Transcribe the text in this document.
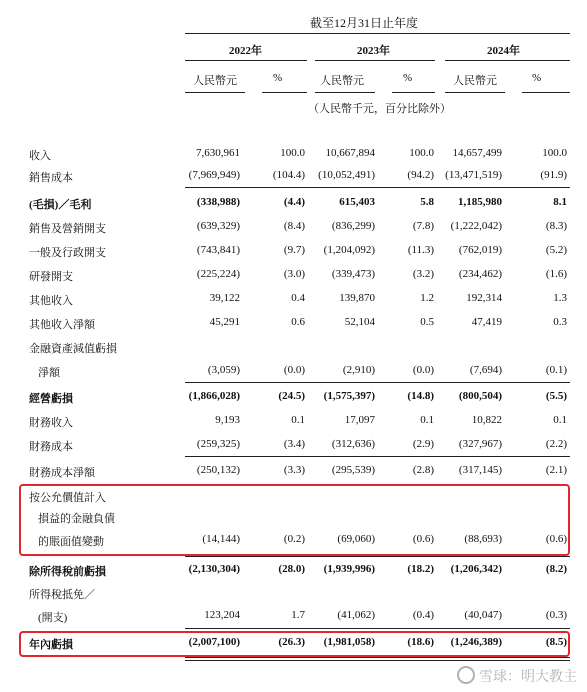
截至12月31日止年度
2022年	2023年	2024年
人民幣元	%	人民幣元	%	人民幣元	%
（人民幣千元，百分比除外）
收入	7,630,961	100.0 10,667,894	100.0 14,657,499	100.0
銷售成本	(7,969,949)	(104.4) (10,052,491)	(94.2) (13,471,519)	(91.9)
(毛損)／毛利	(338,988)	(4.4)	615,403	5.8 1,185,980	8.1
銷售及營銷開支	(639,329)	(8.4) (836,299)	(7.8) (1,222,042)	(8.3)
一般及行政開支	(743,841)	(9.7) (1,204,092)	(11.3) (762,019)	(5.2)
研發開支	(225,224)	(3.0) (339,473)	(3.2) (234,462)	(1.6)
其他收入	39,122	0.4	139,870	1.2	192,314	1.3
其他收入淨額	45,291	0.6	52,104	0.5	47,419	0.3
金融資產減值虧損
淨額	(3,059)	(0.0)	(2,910)	(0.0)	(7,694)	(0.1)
經營虧損	(1,866,028)	(24.5) (1,575,397)	(14.8) (800,504)	(5.5)
財務收入	9,193	0.1	17,097	0.1	10,822	0.1
財務成本	(259,325)	(3.4) (312,636)	(2.9) (327,967)	(2.2)
財務成本淨額	(250,132)	(3.3) (295,539)	(2.8) (317,145)	(2.1)
按公允價值計入
損益的金融負債
的賬面值變動	(14,144)	(0.2)	(69,060)	(0.6)	(88,693)	(0.6)
除所得稅前虧損	(2,130,304)	(28.0) (1,939,996)	(18.2) (1,206,342)	(8.2)
所得稅抵免／
(開支)	123,204	1.7	(41,062)	(0.4)	(40,047)	(0.3)
年內虧損	(2,007,100)	(26.3) (1,981,058)	(18.6) (1,246,389)	(8.5)
雪球：明大教主
